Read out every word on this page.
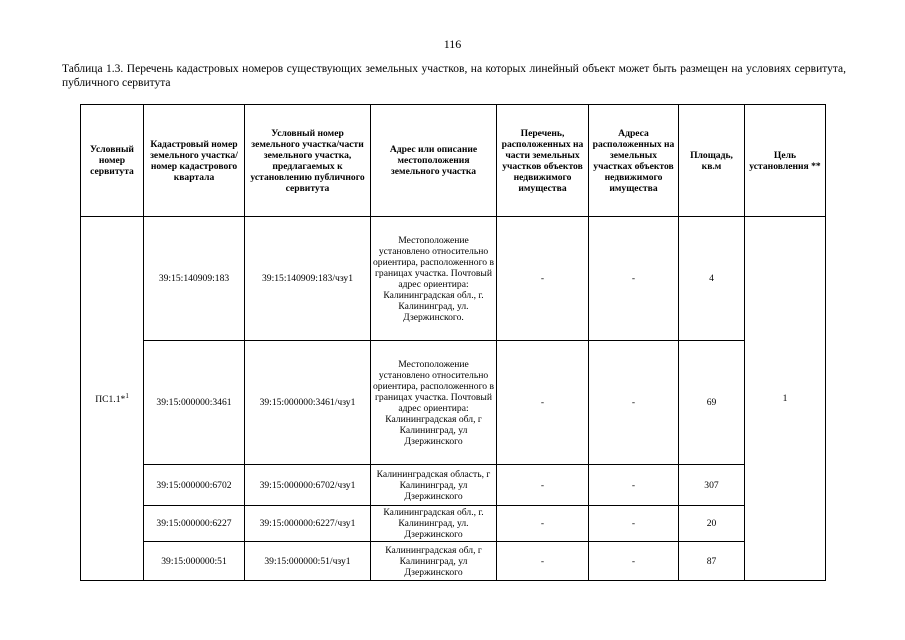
116
Таблица 1.3. Перечень кадастровых номеров существующих земельных участков, на которых линейный объект может быть размещен на условиях сервитута, публичного сервитута
Условный номер сервитута	Кадастровый номер земельного участка/номер кадастрового квартала	Условный номер земельного участка/части земельного участка, предлагаемых к установлению публичного сервитута	Адрес или описание местоположения земельного участка	Перечень, расположенных на части земельных участков объектов недвижимого имущества	Адреса расположенных на земельных участках объектов недвижимого имущества	Площадь, кв.м	Цель установления **
ПС1.1*$^1$	39:15:140909:183	39:15:140909:183/чзу1	Местоположение установлено относительно ориентира, расположенного в границах участка. Почтовый адрес ориентира: Калининградская обл., г. Калининград, ул. Дзержинского.	-	-	4	1
	39:15:000000:3461	39:15:000000:3461/чзу1	Местоположение установлено относительно ориентира, расположенного в границах участка. Почтовый адрес ориентира: Калининградская обл, г Калининград, ул Дзержинского	-	-	69	
	39:15:000000:6702	39:15:000000:6702/чзу1	Калининградская область, г Калининград, ул Дзержинского	-	-	307	
	39:15:000000:6227	39:15:000000:6227/чзу1	Калининградская обл., г. Калининград, ул. Дзержинского	-	-	20	
	39:15:000000:51	39:15:000000:51/чзу1	Калининградская обл, г Калининград, ул Дзержинского	-	-	87	
